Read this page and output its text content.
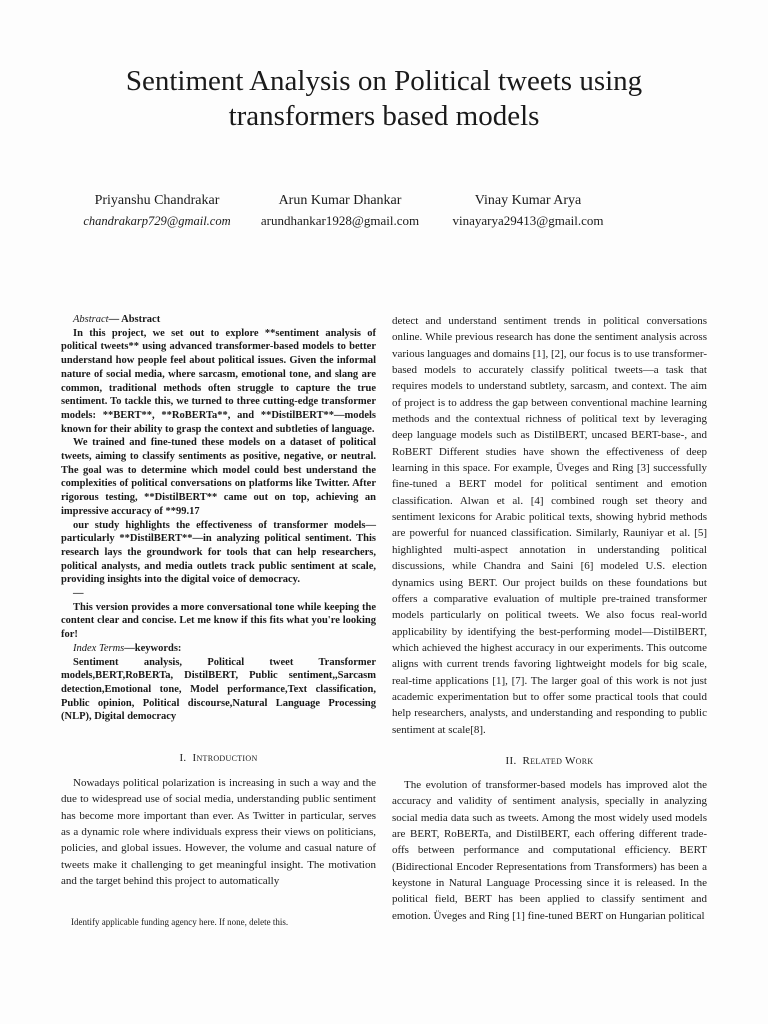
Sentiment Analysis on Political tweets using transformers based models
Priyanshu Chandrakar
chandrakarp729@gmail.com
Arun Kumar Dhankar
arundhankar1928@gmail.com
Vinay Kumar Arya
vinayarya29413@gmail.com

Abstract— Abstract

In this project, we set out to explore **sentiment analysis of political tweets** using advanced transformer-based models to better understand how people feel about political issues. Given the informal nature of social media, where sarcasm, emotional tone, and slang are common, traditional methods often struggle to capture the true sentiment. To tackle this, we turned to three cutting-edge transformer models: **BERT**, **RoBERTa**, and **DistilBERT**—models known for their ability to grasp the context and subtleties of language.

We trained and fine-tuned these models on a dataset of political tweets, aiming to classify sentiments as positive, negative, or neutral. The goal was to determine which model could best understand the complexities of political conversations on platforms like Twitter. After rigorous testing, **DistilBERT** came out on top, achieving an impressive accuracy of **99.17

our study highlights the effectiveness of transformer models—particularly **DistilBERT**—in analyzing political sentiment. This research lays the groundwork for tools that can help researchers, political analysts, and media outlets track public sentiment at scale, providing insights into the digital voice of democracy.

—

This version provides a more conversational tone while keeping the content clear and concise. Let me know if this fits what you're looking for!

Index Terms—keywords:

Sentiment analysis, Political tweet Transformer models,BERT,RoBERTa, DistilBERT, Public sentiment,,Sarcasm detection,Emotional tone, Model performance,Text classification, Public opinion, Political discourse,Natural Language Processing (NLP), Digital democracy

I. Introduction

Nowadays political polarization is increasing in such a way and the due to widespread use of social media, understanding public sentiment has become more important than ever. As Twitter in particular, serves as a dynamic role where individuals express their views on politicians, policies, and global issues. However, the volume and casual nature of tweets make it challenging to get meaningful insight. The motivation and the target behind this project to automatically

detect and understand sentiment trends in political conversations online. While previous research has done the sentiment analysis across various languages and domains [1], [2], our focus is to use transformer-based models to accurately classify political tweets—a task that requires models to understand subtlety, sarcasm, and context. The aim of project is to address the gap between conventional machine learning methods and the contextual richness of political text by leveraging deep language models such as DistilBERT, uncased BERT-base-, and RoBERT Different studies have shown the effectiveness of deep learning in this space. For example, Üveges and Ring [3] successfully fine-tuned a BERT model for political sentiment and emotion classification. Alwan et al. [4] combined rough set theory and sentiment lexicons for Arabic political texts, showing hybrid methods are powerful for nuanced classification. Similarly, Rauniyar et al. [5] highlighted multi-aspect annotation in understanding political discussions, while Chandra and Saini [6] modeled U.S. election dynamics using BERT. Our project builds on these foundations but offers a comparative evaluation of multiple pre-trained transformer models particularly on political tweets. We also focus real-world applicability by identifying the best-performing model—DistilBERT, which achieved the highest accuracy in our experiments. This outcome aligns with current trends favoring lightweight models for big scale, real-time applications [1], [7]. The larger goal of this work is not just academic experimentation but to offer some practical tools that could help researchers, analysts, and understanding and responding to public sentiment at scale[8].

II. Related Work

The evolution of transformer-based models has improved alot the accuracy and validity of sentiment analysis, specially in analyzing social media data such as tweets. Among the most widely used models are BERT, RoBERTa, and DistilBERT, each offering different trade-offs between performance and computational efficiency. BERT (Bidirectional Encoder Representations from Transformers) has been a keystone in Natural Language Processing since it is released. In the political field, BERT has been applied to classify sentiment and emotion. Üveges and Ring [1] fine-tuned BERT on Hungarian political

Identify applicable funding agency here. If none, delete this.
